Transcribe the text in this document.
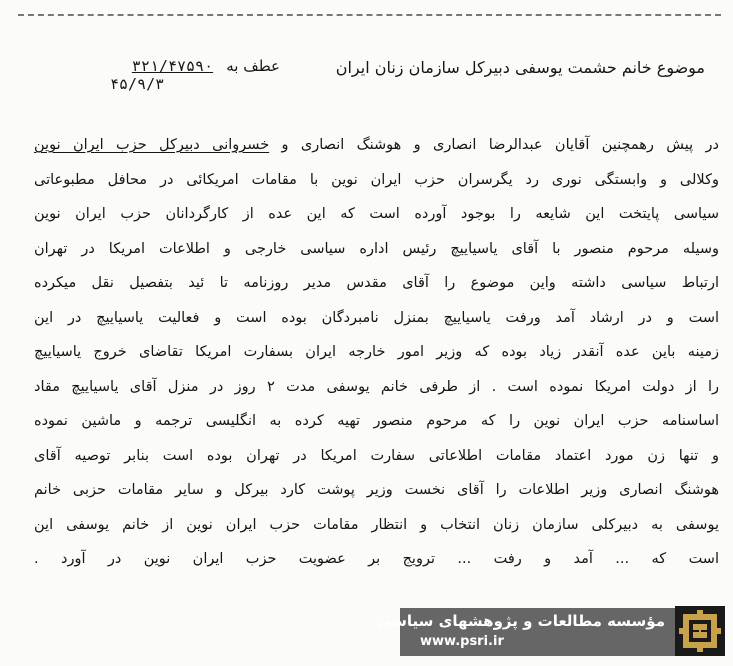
موضوع خانم حشمت یوسفی دبیرکل سازمان زنان ایران
عطف به ۳۲۱/۴۷۵۹۰
۴۵/۹/۳
در پیش رهمچنین آقایان عبدالرضا انصاری و هوشنگ انصاری و خسروانی دبیرکل حزب ایران نوین
وکلالی و وابستگی نوری رد یگرسران حزب ایران نوین با مقامات امریکائی در محافل مطبوعاتی
سیاسی پایتخت این شایعه را بوجود آورده است که این عده از کارگردانان حزب ایران نوین
وسیله مرحوم منصور با آقای یاسیاییچ رئیس اداره سیاسی خارجی و اطلاعات امریکا در تهران
ارتباط سیاسی داشته واین موضوع را آقای مقدس مدیر روزنامه تا ئید بتفصیل نقل میکرده
است و در ارشاد آمد ورفت یاسیاییچ بمنزل نامبردگان بوده است و فعالیت یاسیاییچ در این
زمینه باین عده آنقدر زیاد بوده که وزیر امور خارجه ایران بسفارت امریکا تقاضای خروج یاسیاییچ
را از دولت امریکا نموده است . از طرفی خانم یوسفی مدت ۲ روز در منزل آقای یاسیاییچ مقاد
اساسنامه حزب ایران نوین را که مرحوم منصور تهیه کرده به انگلیسی ترجمه و ماشین نموده
و تنها زن مورد اعتماد مقامات اطلاعاتی سفارت امریکا در تهران بوده است بنابر توصیه آقای
هوشنگ انصاری وزیر اطلاعات را آقای نخست وزیر پوشت کارد بیرکل و سایر مقامات حزبی خانم
یوسفی به دبیرکلی سازمان زنان انتخاب و انتظار مقامات حزب ایران نوین از خانم یوسفی این
است که ... آمد و رفت ... ترویج بر عضویت حزب ایران نوین در آورد .
مؤسسه مطالعات و پژوهشهای سیاسی
www.psri.ir
